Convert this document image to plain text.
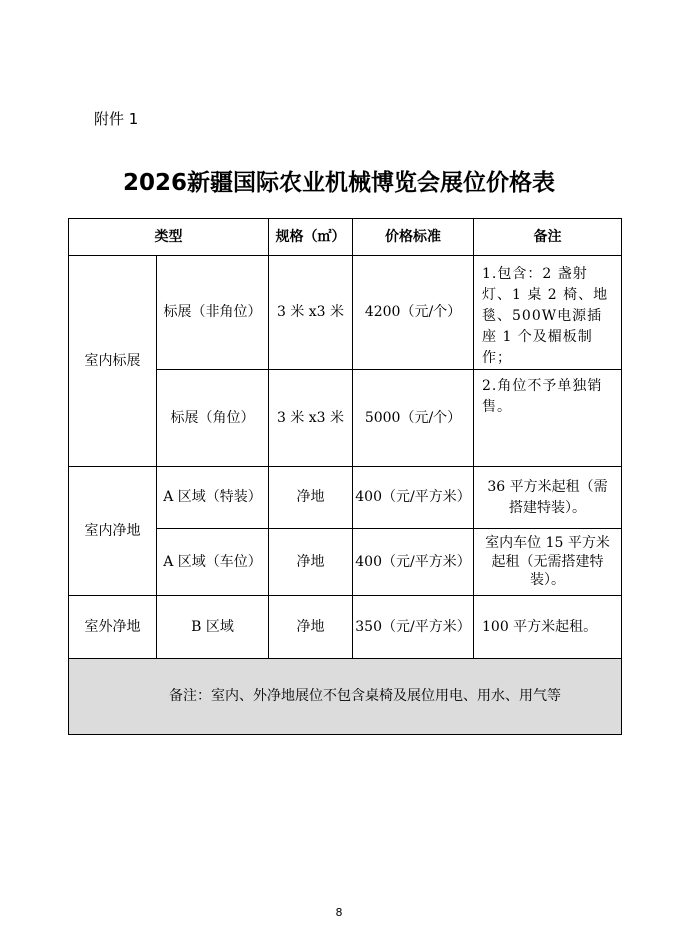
附件 1
2026新疆国际农业机械博览会展位价格表
类型		规格（㎡）	价格标准	备注
室内标展	标展（非角位）	3 米 x3 米	4200（元/个）	1.包含：2 盏射灯、1 桌 2 椅、地毯、500W电源插座 1 个及楣板制作；
	标展（角位）	3 米 x3 米	5000（元/个）	2.角位不予单独销售。
室内净地	A 区域（特装）	净地	400（元/平方米）	36 平方米起租（需搭建特装）。
	A 区域（车位）	净地	400（元/平方米）	室内车位 15 平方米起租（无需搭建特装）。
室外净地	B 区域	净地	350（元/平方米）	100 平方米起租。
备注：室内、外净地展位不包含桌椅及展位用电、用水、用气等				
8
